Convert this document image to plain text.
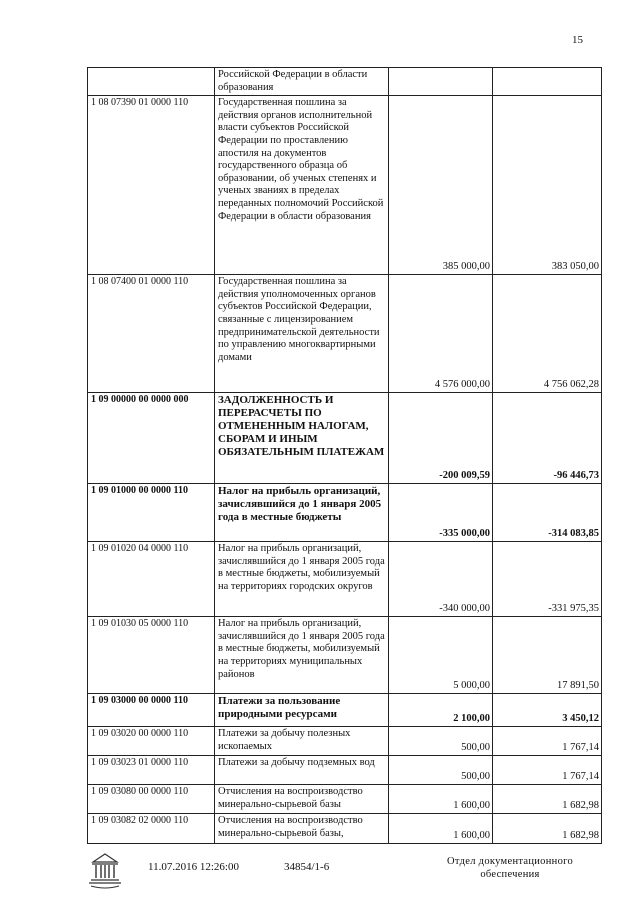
15
	Российской Федерации в области образования		
1 08 07390 01 0000 110	Государственная пошлина за действия органов исполнительной власти субъектов Российской Федерации по проставлению апостиля на документов государственного образца об образовании, об ученых степенях и ученых званиях в пределах переданных полномочий Российской Федерации в области образования	385 000,00	383 050,00
1 08 07400 01 0000 110	Государственная пошлина за действия уполномоченных органов субъектов Российской Федерации, связанные с лицензированием предпринимательской деятельности по управлению многоквартирными домами	4 576 000,00	4 756 062,28
1 09 00000 00 0000 000	ЗАДОЛЖЕННОСТЬ И ПЕРЕРАСЧЕТЫ ПО ОТМЕНЕННЫМ НАЛОГАМ, СБОРАМ И ИНЫМ ОБЯЗАТЕЛЬНЫМ ПЛАТЕЖАМ	-200 009,59	-96 446,73
1 09 01000 00 0000 110	Налог на прибыль организаций, зачислявшийся до 1 января 2005 года в местные бюджеты	-335 000,00	-314 083,85
1 09 01020 04 0000 110	Налог на прибыль организаций, зачислявшийся до 1 января 2005 года в местные бюджеты, мобилизуемый на территориях городских округов	-340 000,00	-331 975,35
1 09 01030 05 0000 110	Налог на прибыль организаций, зачислявшийся до 1 января 2005 года в местные бюджеты, мобилизуемый на территориях муниципальных районов	5 000,00	17 891,50
1 09 03000 00 0000 110	Платежи за пользование природными ресурсами	2 100,00	3 450,12
1 09 03020 00 0000 110	Платежи за добычу полезных ископаемых	500,00	1 767,14
1 09 03023 01 0000 110	Платежи за добычу подземных вод	500,00	1 767,14
1 09 03080 00 0000 110	Отчисления на воспроизводство минерально-сырьевой базы	1 600,00	1 682,98
1 09 03082 02 0000 110	Отчисления на воспроизводство минерально-сырьевой базы,	1 600,00	1 682,98
11.07.2016 12:26:00	34854/1-6	Отдел документационного
обеспечения
